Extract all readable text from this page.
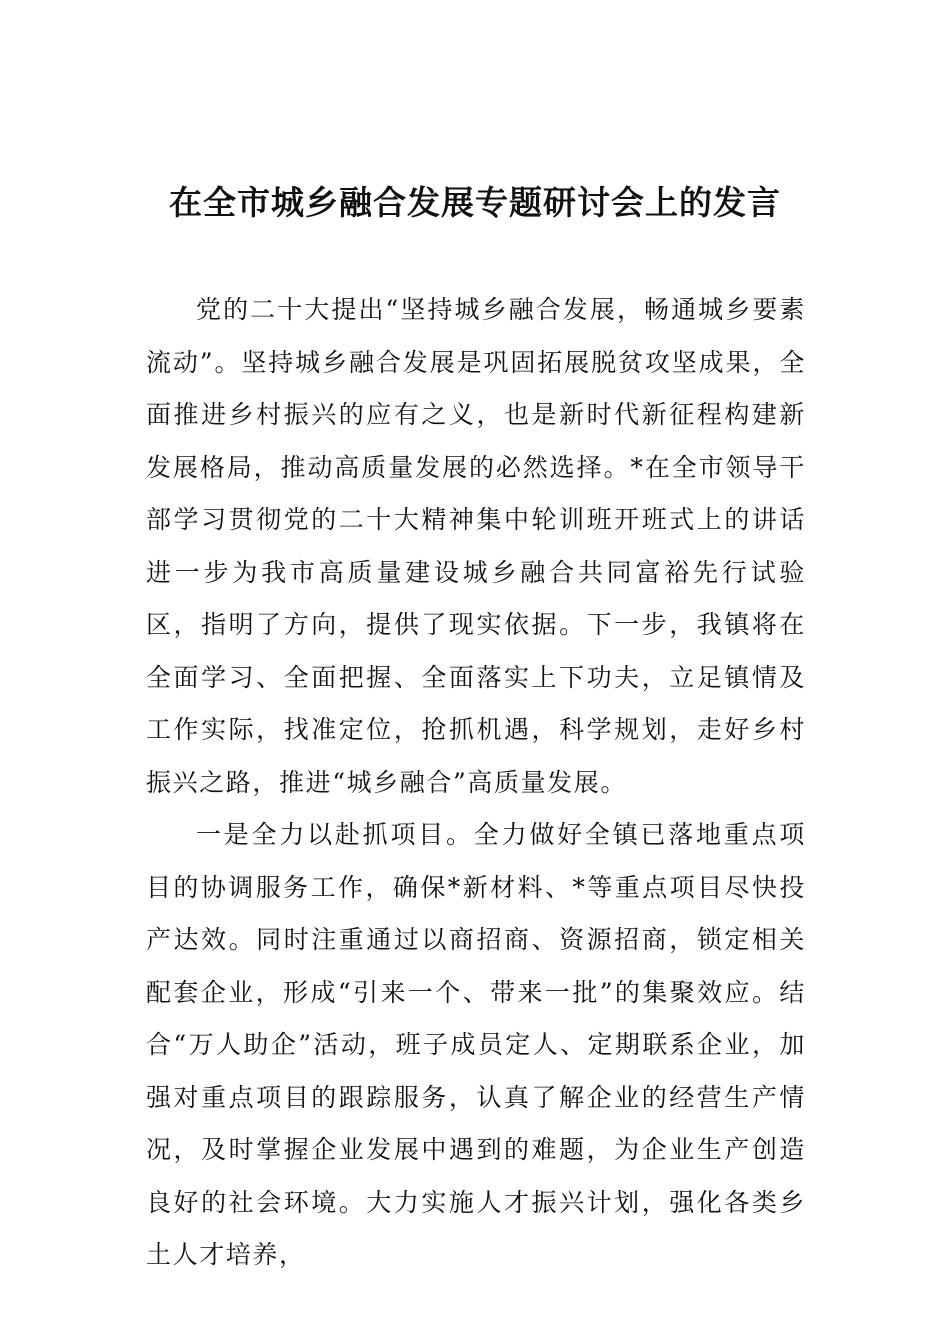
在全市城乡融合发展专题研讨会上的发言

党的二十大提出“坚持城乡融合发展，畅通城乡要素流动”。坚持城乡融合发展是巩固拓展脱贫攻坚成果，全面推进乡村振兴的应有之义，也是新时代新征程构建新发展格局，推动高质量发展的必然选择。*在全市领导干部学习贯彻党的二十大精神集中轮训班开班式上的讲话进一步为我市高质量建设城乡融合共同富裕先行试验区，指明了方向，提供了现实依据。下一步，我镇将在全面学习、全面把握、全面落实上下功夫，立足镇情及工作实际，找准定位，抢抓机遇，科学规划，走好乡村振兴之路，推进“城乡融合”高质量发展。

一是全力以赴抓项目。全力做好全镇已落地重点项目的协调服务工作，确保*新材料、*等重点项目尽快投产达效。同时注重通过以商招商、资源招商，锁定相关配套企业，形成“引来一个、带来一批”的集聚效应。结合“万人助企”活动，班子成员定人、定期联系企业，加强对重点项目的跟踪服务，认真了解企业的经营生产情况，及时掌握企业发展中遇到的难题，为企业生产创造良好的社会环境。大力实施人才振兴计划，强化各类乡土人才培养，
